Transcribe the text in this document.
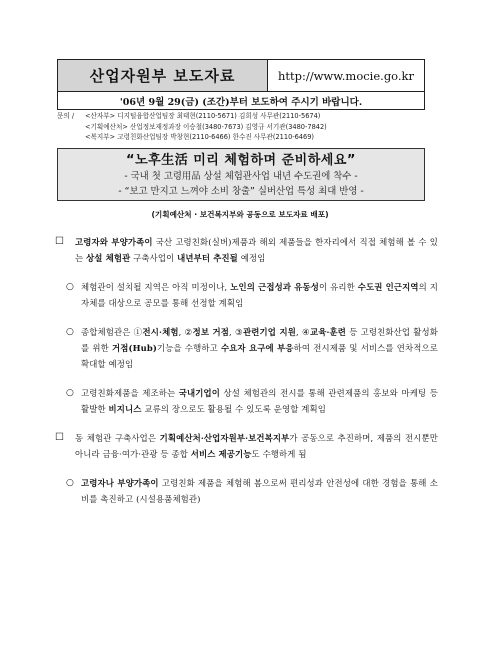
산업자원부 보도자료	http://www.mocie.go.kr
'06년 9월 29(금) (조간)부터 보도하여 주시기 바랍니다.
문의 /	<산자부> 디지털융합산업팀장 최태현(2110-5671) 김희성 사무관(2110-5674)
<기획예산처> 산업정보재정과장 이승철(3480-7673) 김영규 서기관(3480-7842)
<복지부> 고령친화산업팀장 박창현(2110-6466) 한수진 사무관(2110-6469)
“노후生活 미리 체험하며 준비하세요”
- 국내 첫 고령用品 상설 체험관사업 내년 수도권에 착수 -
- “보고 만지고 느껴야 소비 창출” 실버산업 특성 최대 반영 -
(기획예산처 · 보건복지부와 공동으로 보도자료 배포)
☐	고령자와 부양가족이 국산 고령친화(실버)제품과 해외 제품들을 한자리에서 직접 체험해 볼 수 있는 상설 체험관 구축사업이 내년부터 추진될 예정임
○ 체험관이 설치될 지역은 아직 미정이나, 노인의 근접성과 유동성이 유리한 수도권 인근지역의 지자체를 대상으로 공모를 통해 선정할 계획임
○ 종합체험관은 ①전시·체험, ②정보 거점, ③관련기업 지원, ④교육·훈련 등 고령친화산업 활성화를 위한 거점(Hub)기능을 수행하고 수요자 요구에 부응하여 전시제품 및 서비스를 연차적으로 확대할 예정임
○ 고령친화제품을 제조하는 국내기업이 상설 체험관의 전시를 통해 관련제품의 홍보와 마케팅 등 활발한 비지니스 교류의 장으로도 활용될 수 있도록 운영할 계획임
☐	동 체험관 구축사업은 기획예산처·산업자원부·보건복지부가 공동으로 추진하며, 제품의 전시뿐만 아니라 금융·여가·관광 등 종합 서비스 제공기능도 수행하게 됨
○ 고령자나 부양가족이 고령친화 제품을 체험해 봄으로써 편리성과 안전성에 대한 경험을 통해 소비를 촉진하고 (시설용품체험관)
